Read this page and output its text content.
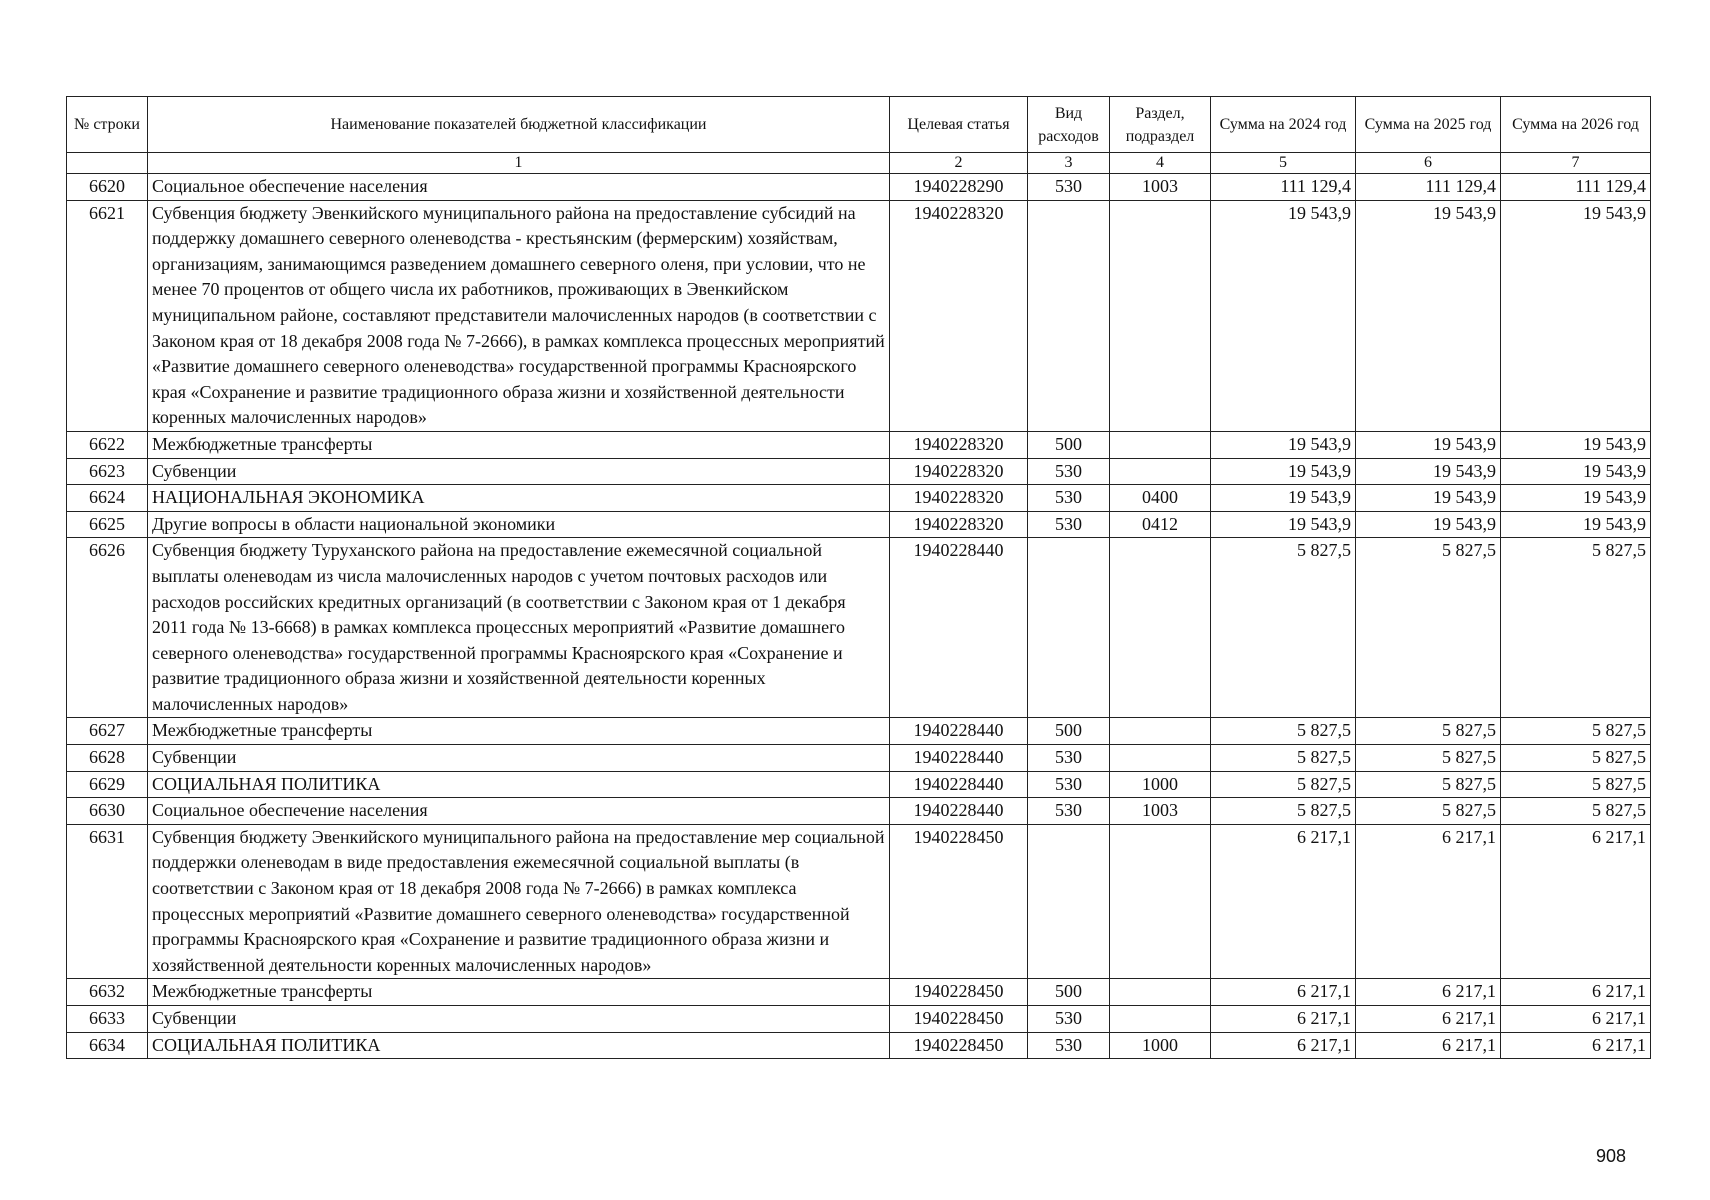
№ строки	Наименование показателей бюджетной классификации	Целевая статья	Вид расходов	Раздел, подраздел	Сумма на 2024 год	Сумма на 2025 год	Сумма на 2026 год
	1	2	3	4	5	6	7
6620	Социальное обеспечение населения	1940228290	530	1003	111 129,4	111 129,4	111 129,4
6621	Субвенция бюджету Эвенкийского муниципального района на предоставление субсидий на поддержку домашнего северного оленеводства - крестьянским (фермерским) хозяйствам, организациям, занимающимся разведением домашнего северного оленя, при условии, что не менее 70 процентов от общего числа их работников, проживающих в Эвенкийском муниципальном районе, составляют представители малочисленных народов (в соответствии с Законом края от 18 декабря 2008 года № 7-2666), в рамках комплекса процессных мероприятий «Развитие домашнего северного оленеводства» государственной программы Красноярского края «Сохранение и развитие традиционного образа жизни и хозяйственной деятельности коренных малочисленных народов»	1940228320			19 543,9	19 543,9	19 543,9
6622	Межбюджетные трансферты	1940228320	500		19 543,9	19 543,9	19 543,9
6623	Субвенции	1940228320	530		19 543,9	19 543,9	19 543,9
6624	НАЦИОНАЛЬНАЯ ЭКОНОМИКА	1940228320	530	0400	19 543,9	19 543,9	19 543,9
6625	Другие вопросы в области национальной экономики	1940228320	530	0412	19 543,9	19 543,9	19 543,9
6626	Субвенция бюджету Туруханского района на предоставление ежемесячной социальной выплаты оленеводам из числа малочисленных народов с учетом почтовых расходов или расходов российских кредитных организаций (в соответствии с Законом края от 1 декабря 2011 года № 13-6668) в рамках комплекса процессных мероприятий «Развитие домашнего северного оленеводства» государственной программы Красноярского края «Сохранение и развитие традиционного образа жизни и хозяйственной деятельности коренных малочисленных народов»	1940228440			5 827,5	5 827,5	5 827,5
6627	Межбюджетные трансферты	1940228440	500		5 827,5	5 827,5	5 827,5
6628	Субвенции	1940228440	530		5 827,5	5 827,5	5 827,5
6629	СОЦИАЛЬНАЯ ПОЛИТИКА	1940228440	530	1000	5 827,5	5 827,5	5 827,5
6630	Социальное обеспечение населения	1940228440	530	1003	5 827,5	5 827,5	5 827,5
6631	Субвенция бюджету Эвенкийского муниципального района на предоставление мер социальной поддержки оленеводам в виде предоставления ежемесячной социальной выплаты (в соответствии с Законом края от 18 декабря 2008 года № 7-2666) в рамках комплекса процессных мероприятий «Развитие домашнего северного оленеводства» государственной программы Красноярского края «Сохранение и развитие традиционного образа жизни и хозяйственной деятельности коренных малочисленных народов»	1940228450			6 217,1	6 217,1	6 217,1
6632	Межбюджетные трансферты	1940228450	500		6 217,1	6 217,1	6 217,1
6633	Субвенции	1940228450	530		6 217,1	6 217,1	6 217,1
6634	СОЦИАЛЬНАЯ ПОЛИТИКА	1940228450	530	1000	6 217,1	6 217,1	6 217,1
908
